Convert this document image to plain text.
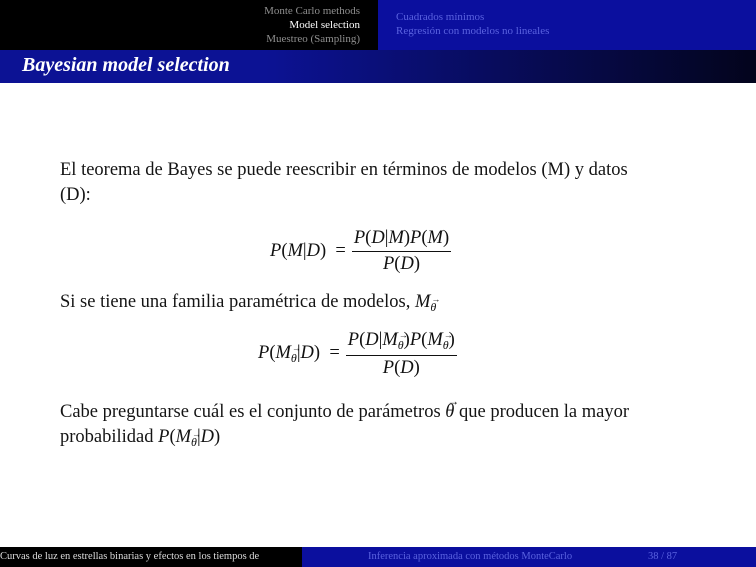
Monte Carlo methods
Model selection
Muestreo (Sampling)
Cuadrados mínimos
Regresión con modelos no lineales
Bayesian model selection
El teorema de Bayes se puede reescribir en términos de modelos (M) y datos
(D):
$P(M|D) = \frac{P(D|M)P(M)}{P(D)}$
Si se tiene una familia paramétrica de modelos, M→ $_\theta$
$P(M\to _\theta|D) = \frac{P(D|M\to _\theta)P(M\to _\theta)}{P(D)}$
Cabe preguntarse cuál es el conjunto de parámetros → θ que producen la mayor
probabilidad P(M→ $_\theta$|D)
Curvas de luz en estrellas binarias y efectos en los tiempos de	Inferencia aproximada con métodos MonteCarlo	38 / 87
